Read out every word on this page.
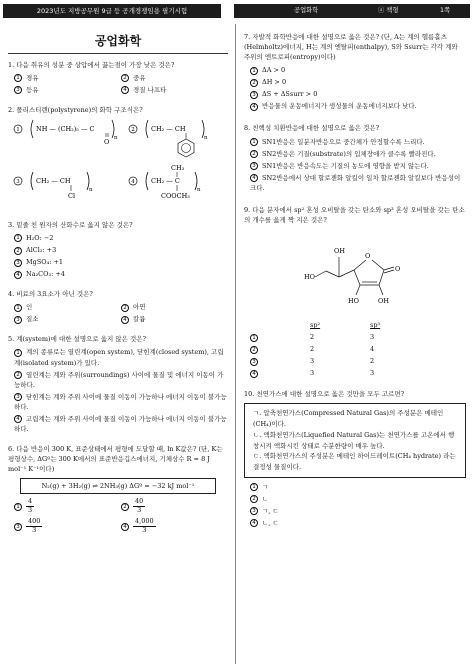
2023년도 지방공무원 9급 등 공개경쟁임용 필기시험	공업화학	ⓐ 책형	1쪽
공업화학

1. 다음 취유의 성분 중 상압에서 끓는점이 가장 낮은 것은?

1 경유	2 중유
3 등유	4 경질 나프타

2. 폴리스티렌(polystyrene)의 화학 구조식은?

1	NH — (CH₂)₅ — C
O n
2	CH₂ — CH
n
3	CH₂ — CH
n
Cl
4
CH₃
CH₂ — C
n
COOCH₃

3. 밑줄 친 원자의 산화수로 옳지 않은 것은?

1 H₂O: −2
2 AlCl₃: +3
3 MgSO₄: +1
4 Na₂CO₃: +4

4. 비료의 3요소가 아닌 것은?

1 인	2 아연
3 질소	4 칼륨

5. 계(system)에 대한 설명으로 옳지 않은 것은?

1 계의 종류로는 열린계(open system), 닫힌계(closed system), 고립계(isolated system)가 있다.
2 열린계는 계와 주위(surroundings) 사이에 물질 및 에너지 이동이 가능하다.
3 닫힌계는 계와 주위 사이에 물질 이동이 가능하나 에너지 이동이 불가능하다.
4 고립계는 계와 주위 사이에 물질 이동이 가능하나 에너지 이동이 불가능하다.

6. 다음 반응이 300 K, 표준상태에서 평형에 도달할 때, ln K값은? (단, K는 평형상수, ΔGº는 300 K에서의 표준반응깁스에너지, 기체상수 R = 8 J mol⁻¹ K⁻¹이다)

N₂(g) + 3H₂(g) ⇌ 2NH₃(g) ΔGº = −32 kJ mol⁻¹
$1 \frac{4}{3}$	$2 \frac{40}{3}$
$3 \frac{400}{3}$	$4 \frac{4,000}{3}$

7. 자발적 화학반응에 대한 설명으로 옳은 것은? (단, A는 계의 헬름홀츠(Helmholtz)에너지, H는 계의 엔탈피(enthalpy), S와 Ssurr는 각각 계와 주위의 엔트로피(entropy)이다)

1 ΔA > 0
2 ΔH > 0
3 ΔS + ΔSsurr > 0
4 반응물의 운동에너지가 생성물의 운동에너지보다 낮다.

8. 친핵성 치환반응에 대한 설명으로 옳은 것은?

1 SN1반응은 일분자반응으로 중간체가 안정할수록 느리다.
2 SN2반응은 기질(substrate)의 입체장애가 클수록 빨라진다.
3 SN1반응은 반응속도는 기질의 농도에 영향을 받지 않는다.
4 SN2반응에서 상대 할로젠화 알킬이 일차 할로젠화 알킬보다 반응성이 크다.

9. 다음 분자에서 sp² 혼성 오비탈을 갖는 탄소와 sp³ 혼성 오비탈을 갖는 탄소의 개수를 옳게 짝 지은 것은?

HO
OH
O
O
HO	OH
	sp²	sp³
1	2	3
2	2	4
3	3	2
4	3	3

10. 천연가스에 대한 설명으로 옳은 것만을 모두 고르면?

ㄱ. 압축천연가스(Compressed Natural Gas)의 주성분은 메테인(CH₄)이다.
ㄴ. 액화천연가스(Liquefied Natural Gas)는 천연가스를 고온에서 행창시켜 액화시킨 상태로 수분한량이 매우 높다.
ㄷ. 액화천연가스의 주성분은 메테인 하이드레이트(CH₄ hydrate) 라는 결정성 물질이다.
1 ㄱ
2 ㄴ
3 ㄱ, ㄷ
4 ㄴ, ㄷ
